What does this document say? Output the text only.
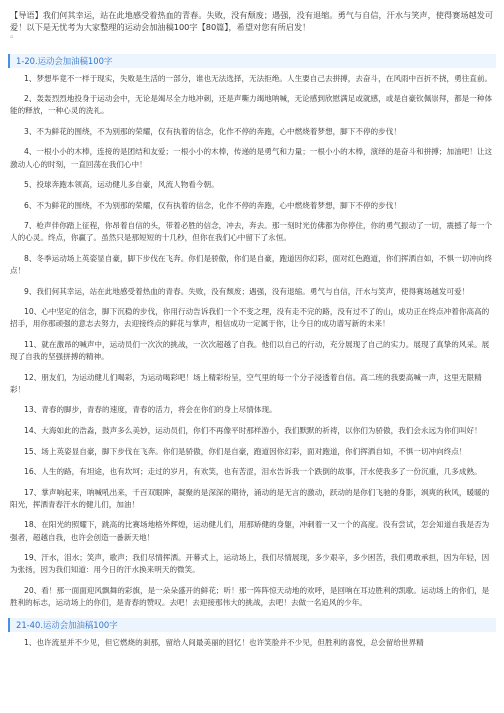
【导语】我们何其幸运，站在此地感受着热血的青春。失败，没有颓废；遇强，没有退缩。勇气与自信，汗水与笑声，使得赛场越发可爱！以下是无忧考为大家整理的运动会加油稿100字【80篇】，希望对您有所启发！

▫
1-20.运动会加油稿100字

1、梦想毕竟不一样于现实，失败是生活的一部分，谁也无法选择，无法拒绝。人生要自己去拼搏，去奋斗，在风雨中百折不挠，勇往直前。

2、轰轰烈烈地投身于运动会中，无论是竭尽全力地冲刺，还是声嘶力竭地呐喊，无论感到欣慰满足或就感，或是自豪钦佩崇拜，都是一种体能的释放，一种心灵的洗礼。

3、不为鲜花的围绕，不为别那的荣耀，仅有执着的信念，化作不停的奔跑，心中燃烧着梦想，脚下不停的步伐！

4、一根小小的木棒，连接的是团结和友爱；一根小小的木棒，传递的是勇气和力量；一根小小的木棒，演绎的是奋斗和拼搏；加油吧！让这激动人心的时刻，一直回荡在我们心中！

5、投球奔跑本领高，运动健儿多自豪，风流人物看今朝。

6、不为鲜花的围绕，不为别那的荣耀，仅有执着的信念，化作不停的奔跑，心中燃烧着梦想，脚下不停的步伐！

7、枪声伴你踏上征程，你昂着自信的头，带着必胜的信念，冲去，奔去。那一刻时光仿佛都为你停住，你的勇气振动了一切，震撼了每一个人的心灵。终点，你赢了。虽然只是那短短的十几秒，但你在我们心中留下了永恒。

8、冬季运动场上英姿显自豪，脚下步伐在飞奔。你们是骄傲，你们是自豪，跑道因你幻彩，面对红色跑道，你们挥洒自如，不惧一切冲向终点！

9、我们何其幸运，站在此地感受着热血的青春。失败，没有颓废；遇强，没有退缩。勇气与自信，汗水与笑声，使得赛场越发可爱！

10、心中坚定的信念，脚下沉稳的步伐，你用行动告诉我们一个不变之理，没有走不完的路，没有过不了的山，成功正在终点冲着你高高的招手，用你那顽强的意志去努力，去迎接终点的鲜花与掌声，相信成功一定属于你，让今日的成功谱写新的未来！

11、就在激昂的喊声中，运动员们一次次的挑战，一次次超越了自我。他们以自己的行动，充分展现了自己的实力。展现了真挚的风采。展现了自我的坚强拼搏的精神。

12、朋友们，为运动健儿们喝彩，为运动喝彩吧！场上精彩纷呈，空气里的每一个分子浸透着自信。高二班的我要高喊一声，这里无限精彩！

13、青春的脚步，青春的速度，青春的活力，将会在你们的身上尽情体现。

14、大海如此的浩淼，鼓声多么美妙，运动员们，你们不再像平时那样游小，我们默默的祈祷，以你们为骄傲，我们会永远为你们叫好！

15、场上英姿显自豪，脚下步伐在飞奔。你们是骄傲，你们是自豪，跑道因你幻彩，面对跑道，你们挥洒自如，不惧一切冲向终点！

16、人生的路，有坦途，也有坎坷；走过的岁月，有欢笑，也有苦涩，泪水告诉我一个跌倒的故事，汗水使我多了一份沉重，几多成熟。

17、掌声响起来，呐喊吼出来，千百双眼眸，凝聚的是深深的期待，涌动的是无言的激动，跃动的是你们飞驰的身影，飒爽的秋风，暖暖的阳光，挥洒青春汗水的健儿们，加油！

18、在阳光的照耀下，跳高的比赛场地格外辉煌，运动健儿们，用那矫健的身躯，冲刺着一又一个的高度。没有尝试，怎会知道自我是否为强者，超越自我，也许会创造一番新天地！

19、汗水，泪水；笑声，歌声；我们尽情挥洒。开幕式上，运动场上，我们尽情展现，多少艰辛，多少困苦，我们勇敢承担，因为年轻，因为张扬，因为我们知道：用今日的汗水换来明天的微笑。

20、看！那一面面迎风飘舞的彩旗，是一朵朵盛开的鲜花；听！那一阵阵惊天动地的欢呼，是回响在耳边胜利的凯歌。运动场上的你们，是胜利的标志，运动场上的你们，是青春的赞叹。去吧！去迎接那伟大的挑战，去吧！去做一名追风的少年。

21-40.运动会加油稿100字

1、也许流星并不少见，但它燃烧的刹那，留给人间最美丽的回忆！也许笑脸并不少见，但胜利的喜悦，总会留给世界精
